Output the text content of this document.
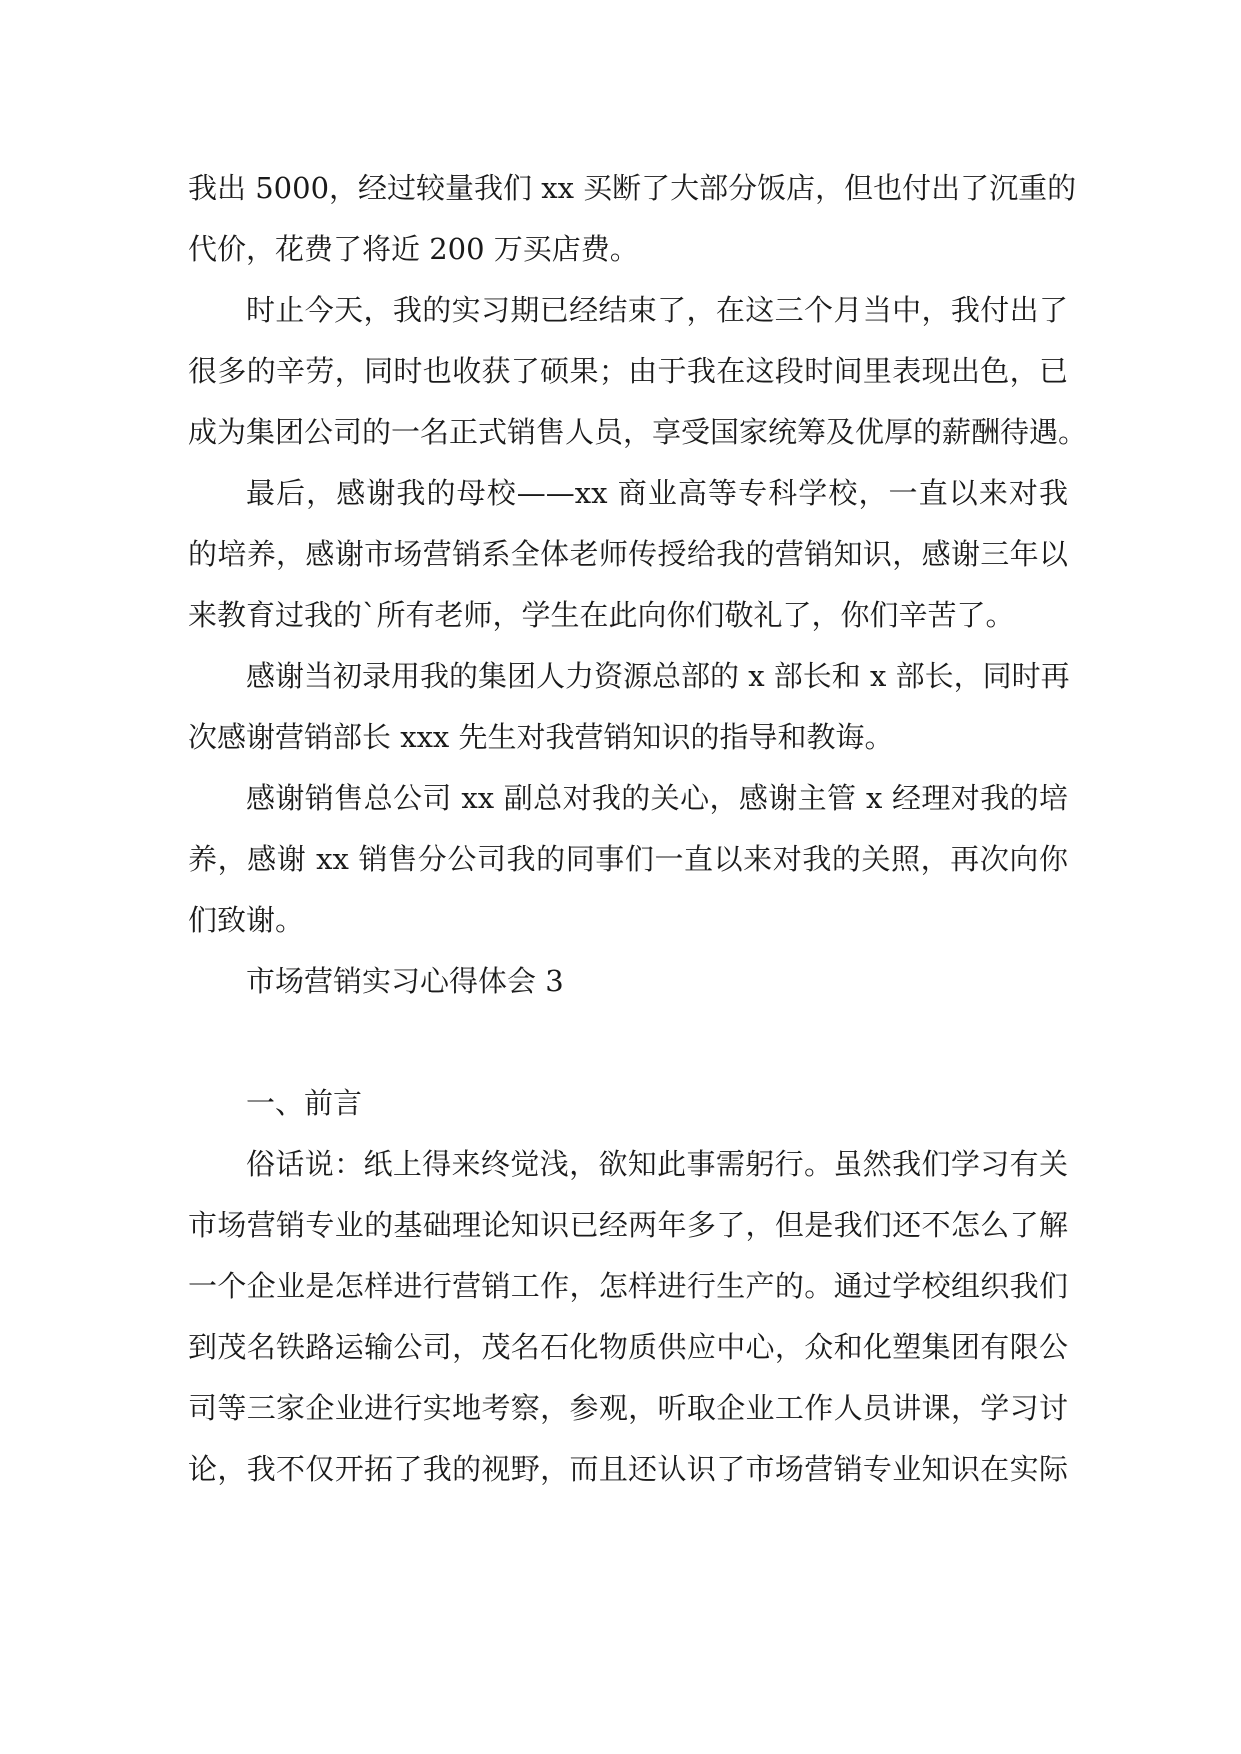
我出 5000，经过较量我们 xx 买断了大部分饭店，但也付出了沉重的
代价，花费了将近 200 万买店费。
时止今天，我的实习期已经结束了，在这三个月当中，我付出了
很多的辛劳，同时也收获了硕果；由于我在这段时间里表现出色，已
成为集团公司的一名正式销售人员，享受国家统筹及优厚的薪酬待遇。
最后，感谢我的母校——xx 商业高等专科学校，一直以来对我
的培养，感谢市场营销系全体老师传授给我的营销知识，感谢三年以
来教育过我的`所有老师，学生在此向你们敬礼了，你们辛苦了。
感谢当初录用我的集团人力资源总部的 x 部长和 x 部长，同时再
次感谢营销部长 xxx 先生对我营销知识的指导和教诲。
感谢销售总公司 xx 副总对我的关心，感谢主管 x 经理对我的培
养，感谢 xx 销售分公司我的同事们一直以来对我的关照，再次向你
们致谢。
市场营销实习心得体会 3
一、前言
俗话说：纸上得来终觉浅，欲知此事需躬行。虽然我们学习有关
市场营销专业的基础理论知识已经两年多了，但是我们还不怎么了解
一个企业是怎样进行营销工作，怎样进行生产的。通过学校组织我们
到茂名铁路运输公司，茂名石化物质供应中心，众和化塑集团有限公
司等三家企业进行实地考察，参观，听取企业工作人员讲课，学习讨
论，我不仅开拓了我的视野，而且还认识了市场营销专业知识在实际
